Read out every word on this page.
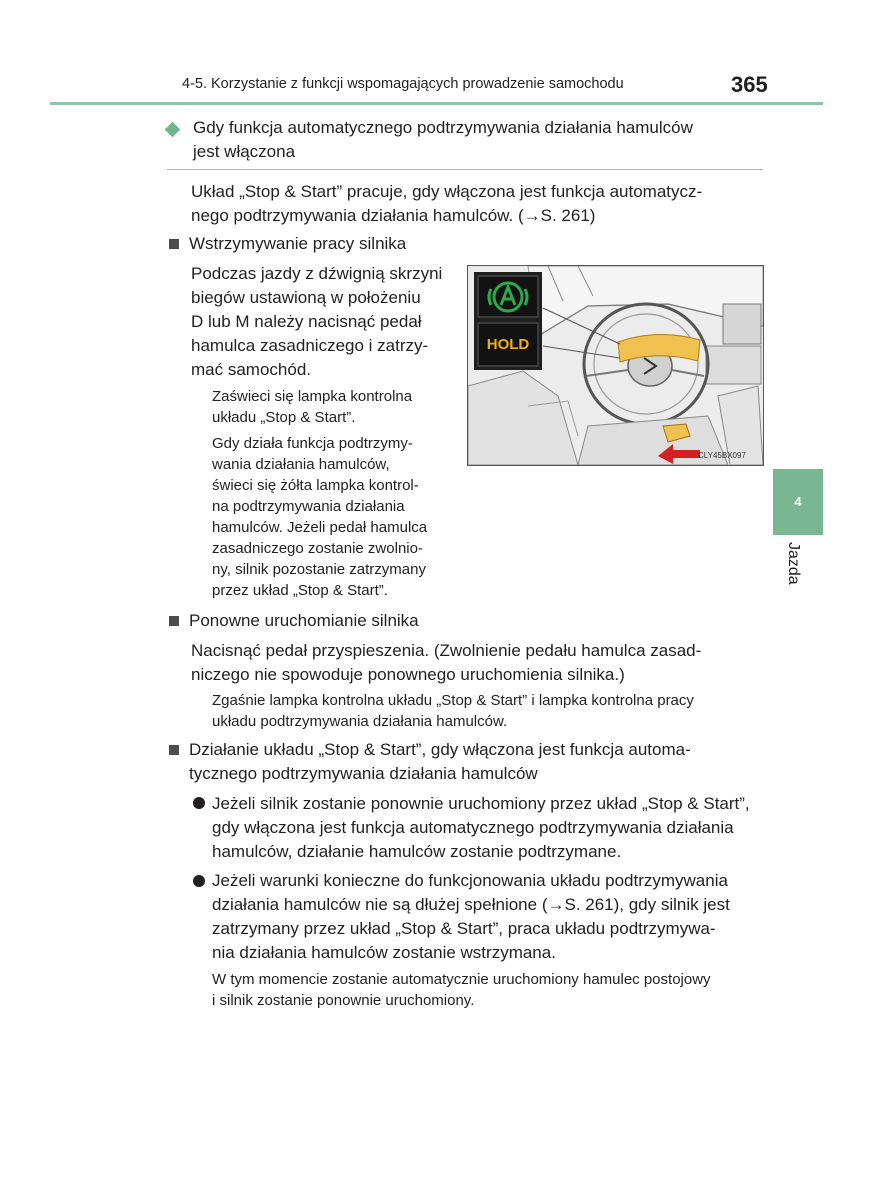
4-5. Korzystanie z funkcji wspomagających prowadzenie samochodu	365
Gdy funkcja automatycznego podtrzymywania działania hamulców
jest włączona
Układ „Stop & Start” pracuje, gdy włączona jest funkcja automatycz-
nego podtrzymywania działania hamulców. (→S. 261)
Wstrzymywanie pracy silnika
Podczas jazdy z dźwignią skrzyni
biegów ustawioną w położeniu
D lub M należy nacisnąć pedał
hamulca zasadniczego i zatrzy-
mać samochód.
Zaświeci się lampka kontrolna
układu „Stop & Start”.
Gdy działa funkcja podtrzymy-
wania działania hamulców,
świeci się żółta lampka kontrol-
na podtrzymywania działania
hamulców. Jeżeli pedał hamulca
zasadniczego zostanie zwolnio-
ny, silnik pozostanie zatrzymany
przez układ „Stop & Start”.
HOLD
CLY45BX097
4
Jazda
Ponowne uruchomianie silnika
Nacisnąć pedał przyspieszenia. (Zwolnienie pedału hamulca zasad-
niczego nie spowoduje ponownego uruchomienia silnika.)
Zgaśnie lampka kontrolna układu „Stop & Start” i lampka kontrolna pracy
układu podtrzymywania działania hamulców.
Działanie układu „Stop & Start”, gdy włączona jest funkcja automa-
tycznego podtrzymywania działania hamulców
Jeżeli silnik zostanie ponownie uruchomiony przez układ „Stop & Start”,
gdy włączona jest funkcja automatycznego podtrzymywania działania
hamulców, działanie hamulców zostanie podtrzymane.
Jeżeli warunki konieczne do funkcjonowania układu podtrzymywania
działania hamulców nie są dłużej spełnione (→S. 261), gdy silnik jest
zatrzymany przez układ „Stop & Start”, praca układu podtrzymywa-
nia działania hamulców zostanie wstrzymana.
W tym momencie zostanie automatycznie uruchomiony hamulec postojowy
i silnik zostanie ponownie uruchomiony.
